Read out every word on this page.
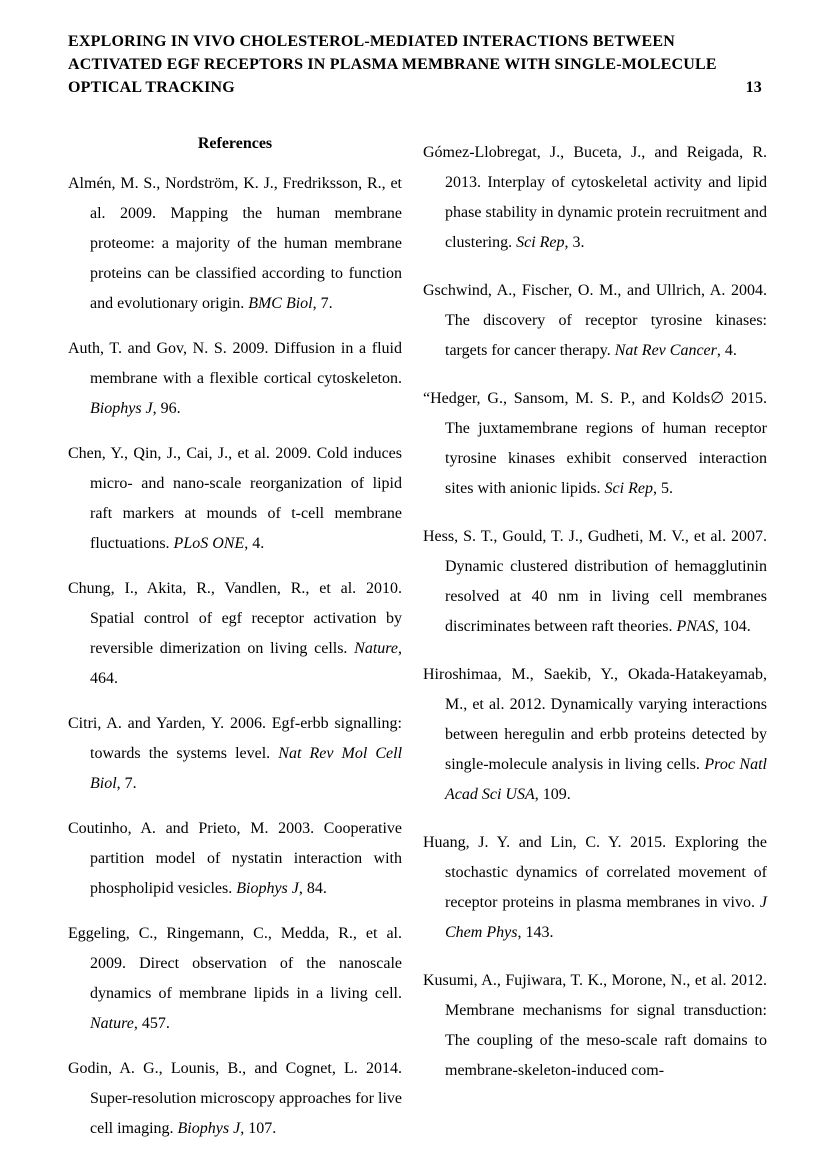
EXPLORING IN VIVO CHOLESTEROL-MEDIATED INTERACTIONS BETWEEN
ACTIVATED EGF RECEPTORS IN PLASMA MEMBRANE WITH SINGLE-MOLECULE
OPTICAL TRACKING	13
References

Almén, M. S., Nordström, K. J., Fredriksson, R., et al. 2009. Mapping the human membrane proteome: a majority of the human membrane proteins can be classified according to function and evolutionary origin. BMC Biol, 7.

Auth, T. and Gov, N. S. 2009. Diffusion in a fluid membrane with a flexible cortical cytoskeleton. Biophys J, 96.

Chen, Y., Qin, J., Cai, J., et al. 2009. Cold induces micro- and nano-scale reorganization of lipid raft markers at mounds of t-cell membrane fluctuations. PLoS ONE, 4.

Chung, I., Akita, R., Vandlen, R., et al. 2010. Spatial control of egf receptor activation by reversible dimerization on living cells. Nature, 464.

Citri, A. and Yarden, Y. 2006. Egf-erbb signalling: towards the systems level. Nat Rev Mol Cell Biol, 7.

Coutinho, A. and Prieto, M. 2003. Cooperative partition model of nystatin interaction with phospholipid vesicles. Biophys J, 84.

Eggeling, C., Ringemann, C., Medda, R., et al. 2009. Direct observation of the nanoscale dynamics of membrane lipids in a living cell. Nature, 457.

Godin, A. G., Lounis, B., and Cognet, L. 2014. Super-resolution microscopy approaches for live cell imaging. Biophys J, 107.

Gómez-Llobregat, J., Buceta, J., and Reigada, R. 2013. Interplay of cytoskeletal activity and lipid phase stability in dynamic protein recruitment and clustering. Sci Rep, 3.

Gschwind, A., Fischer, O. M., and Ullrich, A. 2004. The discovery of receptor tyrosine kinases: targets for cancer therapy. Nat Rev Cancer, 4.

“Hedger, G., Sansom, M. S. P., and Kolds∅ 2015. The juxtamembrane regions of human receptor tyrosine kinases exhibit conserved interaction sites with anionic lipids. Sci Rep, 5.

Hess, S. T., Gould, T. J., Gudheti, M. V., et al. 2007. Dynamic clustered distribution of hemagglutinin resolved at 40 nm in living cell membranes discriminates between raft theories. PNAS, 104.

Hiroshimaa, M., Saekib, Y., Okada-Hatakeyamab, M., et al. 2012. Dynamically varying interactions between heregulin and erbb proteins detected by single-molecule analysis in living cells. Proc Natl Acad Sci USA, 109.

Huang, J. Y. and Lin, C. Y. 2015. Exploring the stochastic dynamics of correlated movement of receptor proteins in plasma membranes in vivo. J Chem Phys, 143.

Kusumi, A., Fujiwara, T. K., Morone, N., et al. 2012. Membrane mechanisms for signal transduction: The coupling of the meso-scale raft domains to membrane-skeleton-induced com-
